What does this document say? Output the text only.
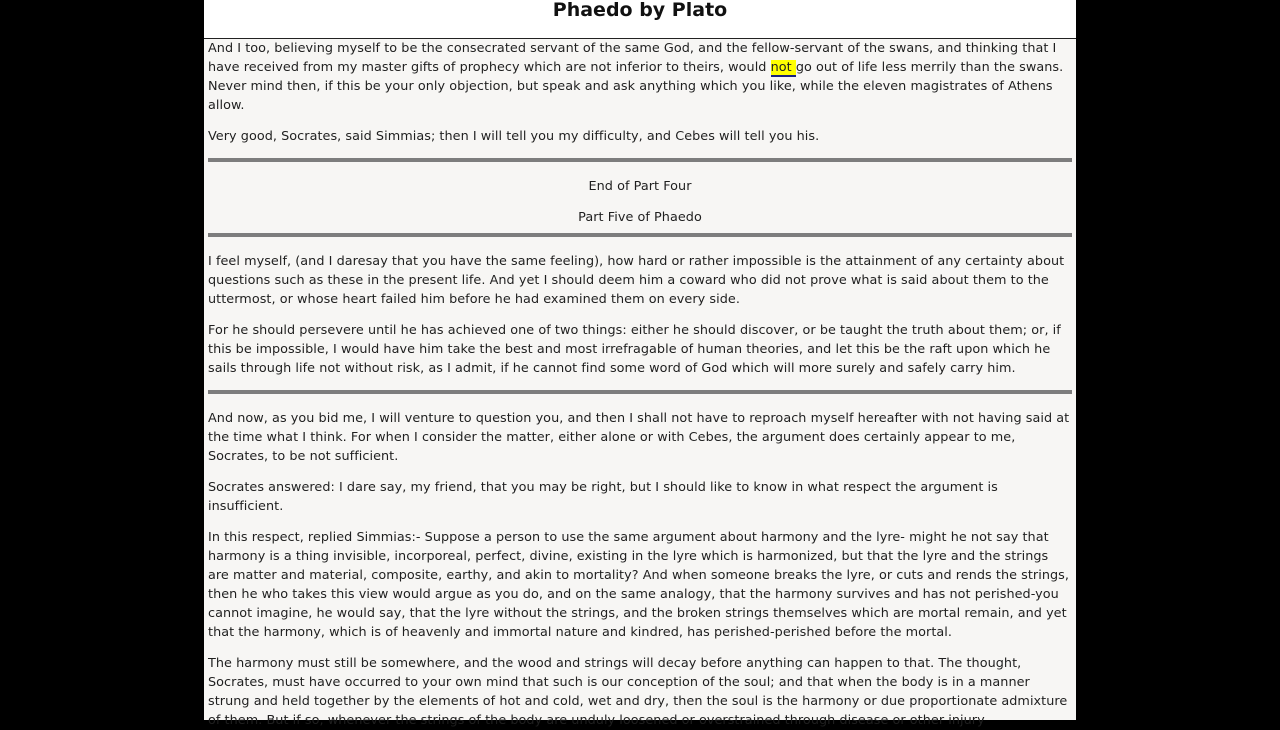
Phaedo by Plato

And I too, believing myself to be the consecrated servant of the same God, and the fellow-servant of the swans, and thinking that I have received from my master gifts of prophecy which are not inferior to theirs, would not go out of life less merrily than the swans. Never mind then, if this be your only objection, but speak and ask anything which you like, while the eleven magistrates of Athens allow.

Very good, Socrates, said Simmias; then I will tell you my difficulty, and Cebes will tell you his.

End of Part Four

Part Five of Phaedo

I feel myself, (and I daresay that you have the same feeling), how hard or rather impossible is the attainment of any certainty about questions such as these in the present life. And yet I should deem him a coward who did not prove what is said about them to the uttermost, or whose heart failed him before he had examined them on every side.

For he should persevere until he has achieved one of two things: either he should discover, or be taught the truth about them; or, if this be impossible, I would have him take the best and most irrefragable of human theories, and let this be the raft upon which he sails through life not without risk, as I admit, if he cannot find some word of God which will more surely and safely carry him.

And now, as you bid me, I will venture to question you, and then I shall not have to reproach myself hereafter with not having said at the time what I think. For when I consider the matter, either alone or with Cebes, the argument does certainly appear to me, Socrates, to be not sufficient.

Socrates answered: I dare say, my friend, that you may be right, but I should like to know in what respect the argument is insufficient.

In this respect, replied Simmias:- Suppose a person to use the same argument about harmony and the lyre- might he not say that harmony is a thing invisible, incorporeal, perfect, divine, existing in the lyre which is harmonized, but that the lyre and the strings are matter and material, composite, earthy, and akin to mortality? And when someone breaks the lyre, or cuts and rends the strings, then he who takes this view would argue as you do, and on the same analogy, that the harmony survives and has not perished-you cannot imagine, he would say, that the lyre without the strings, and the broken strings themselves which are mortal remain, and yet that the harmony, which is of heavenly and immortal nature and kindred, has perished-perished before the mortal.

The harmony must still be somewhere, and the wood and strings will decay before anything can happen to that. The thought, Socrates, must have occurred to your own mind that such is our conception of the soul; and that when the body is in a manner strung and held together by the elements of hot and cold, wet and dry, then the soul is the harmony or due proportionate admixture of them. But if so, whenever the strings of the body are unduly loosened or overstrained through disease or other injury
